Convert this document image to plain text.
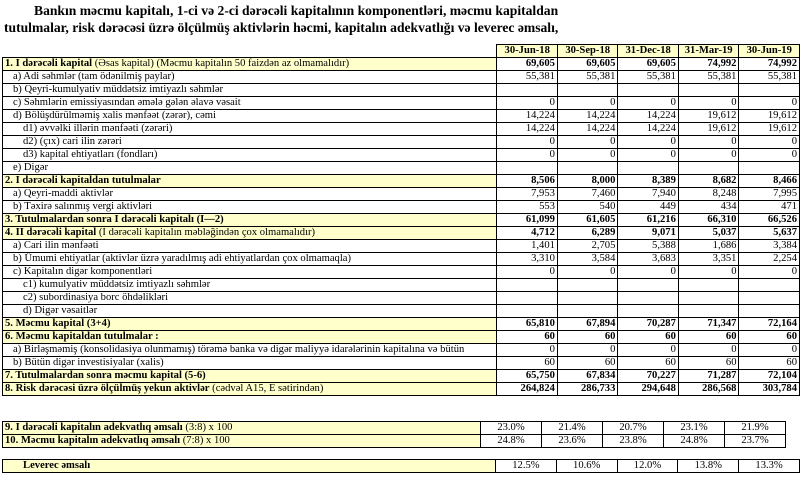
Bankın məcmu kapitalı, 1-ci və 2-ci dərəcəli kapitalının komponentləri, məcmu kapitaldan
tutulmalar, risk dərəcəsi üzrə ölçülmüş aktivlərin həcmi, kapitalın adekvatlığı və leverec əmsalı,
	30-Jun-18	30-Sep-18	31-Dec-18	31-Mar-19	30-Jun-19
1. I dərəcəli kapital (Əsas kapital) (Məcmu kapitalın 50 faizdən az olmamalıdır)	69,605	69,605	69,605	74,992	74,992
a) Adi səhmlər (tam ödənilmiş paylar)	55,381	55,381	55,381	55,381	55,381
b) Qeyri-kumulyativ müddətsiz imtiyazlı səhmlər					
c) Səhmlərin emissiyasından əmələ gələn əlavə vəsait	0	0	0	0	0
d) Bölüşdürülməmiş xalis mənfəət (zərər), cəmi	14,224	14,224	14,224	19,612	19,612
d1) əvvəlki illərin mənfəəti (zərəri)	14,224	14,224	14,224	19,612	19,612
d2) (çıx) cari ilin zərəri	0	0	0	0	0
d3) kapital ehtiyatları (fondları)	0	0	0	0	0
e) Digər					
2. I dərəcəli kapitaldan tutulmalar	8,506	8,000	8,389	8,682	8,466
a) Qeyri-maddi aktivlər	7,953	7,460	7,940	8,248	7,995
b) Təxirə salınmış vergi aktivləri	553	540	449	434	471
3. Tutulmalardan sonra I dərəcəli kapitalı (I—2)	61,099	61,605	61,216	66,310	66,526
4. II dərəcəli kapital (I dərəcəli kapitalın məbləğindən çox olmamalıdır)	4,712	6,289	9,071	5,037	5,637
a) Cari ilin mənfəəti	1,401	2,705	5,388	1,686	3,384
b) Ümumi ehtiyatlar (aktivlər üzrə yaradılmış adi ehtiyatlardan çox olmamaqla)	3,310	3,584	3,683	3,351	2,254
c) Kapitalın digər komponentləri	0	0	0	0	0
c1) kumulyativ müddətsiz imtiyazlı səhmlər					
c2) subordinasiya borc öhdəlikləri					
d) Digər vəsaitlər					
5. Məcmu kapital (3+4)	65,810	67,894	70,287	71,347	72,164
6. Məcmu kapitaldan tutulmalar :	60	60	60	60	60
a) Birləşməmiş (konsolidasiya olunmamış) törəmə banka və digər maliyyə idarələrinin kapitalına və bütün	0	0	0	0	0
b) Bütün digər investisiyalar (xalis)	60	60	60	60	60
7. Tutulmalardan sonra məcmu kapital (5-6)	65,750	67,834	70,227	71,287	72,104
8. Risk dərəcəsi üzrə ölçülmüş yekun aktivlər (cədvəl A15, E sətirindən)	264,824	286,733	294,648	286,568	303,784
9. I dərəcəli kapitalın adekvatlıq əmsalı (3:8) x 100	23.0%	21.4%	20.7%	23.1%	21.9%
10. Məcmu kapitalın adekvatlıq əmsalı (7:8) x 100	24.8%	23.6%	23.8%	24.8%	23.7%
Leverec əmsalı	12.5%	10.6%	12.0%	13.8%	13.3%
